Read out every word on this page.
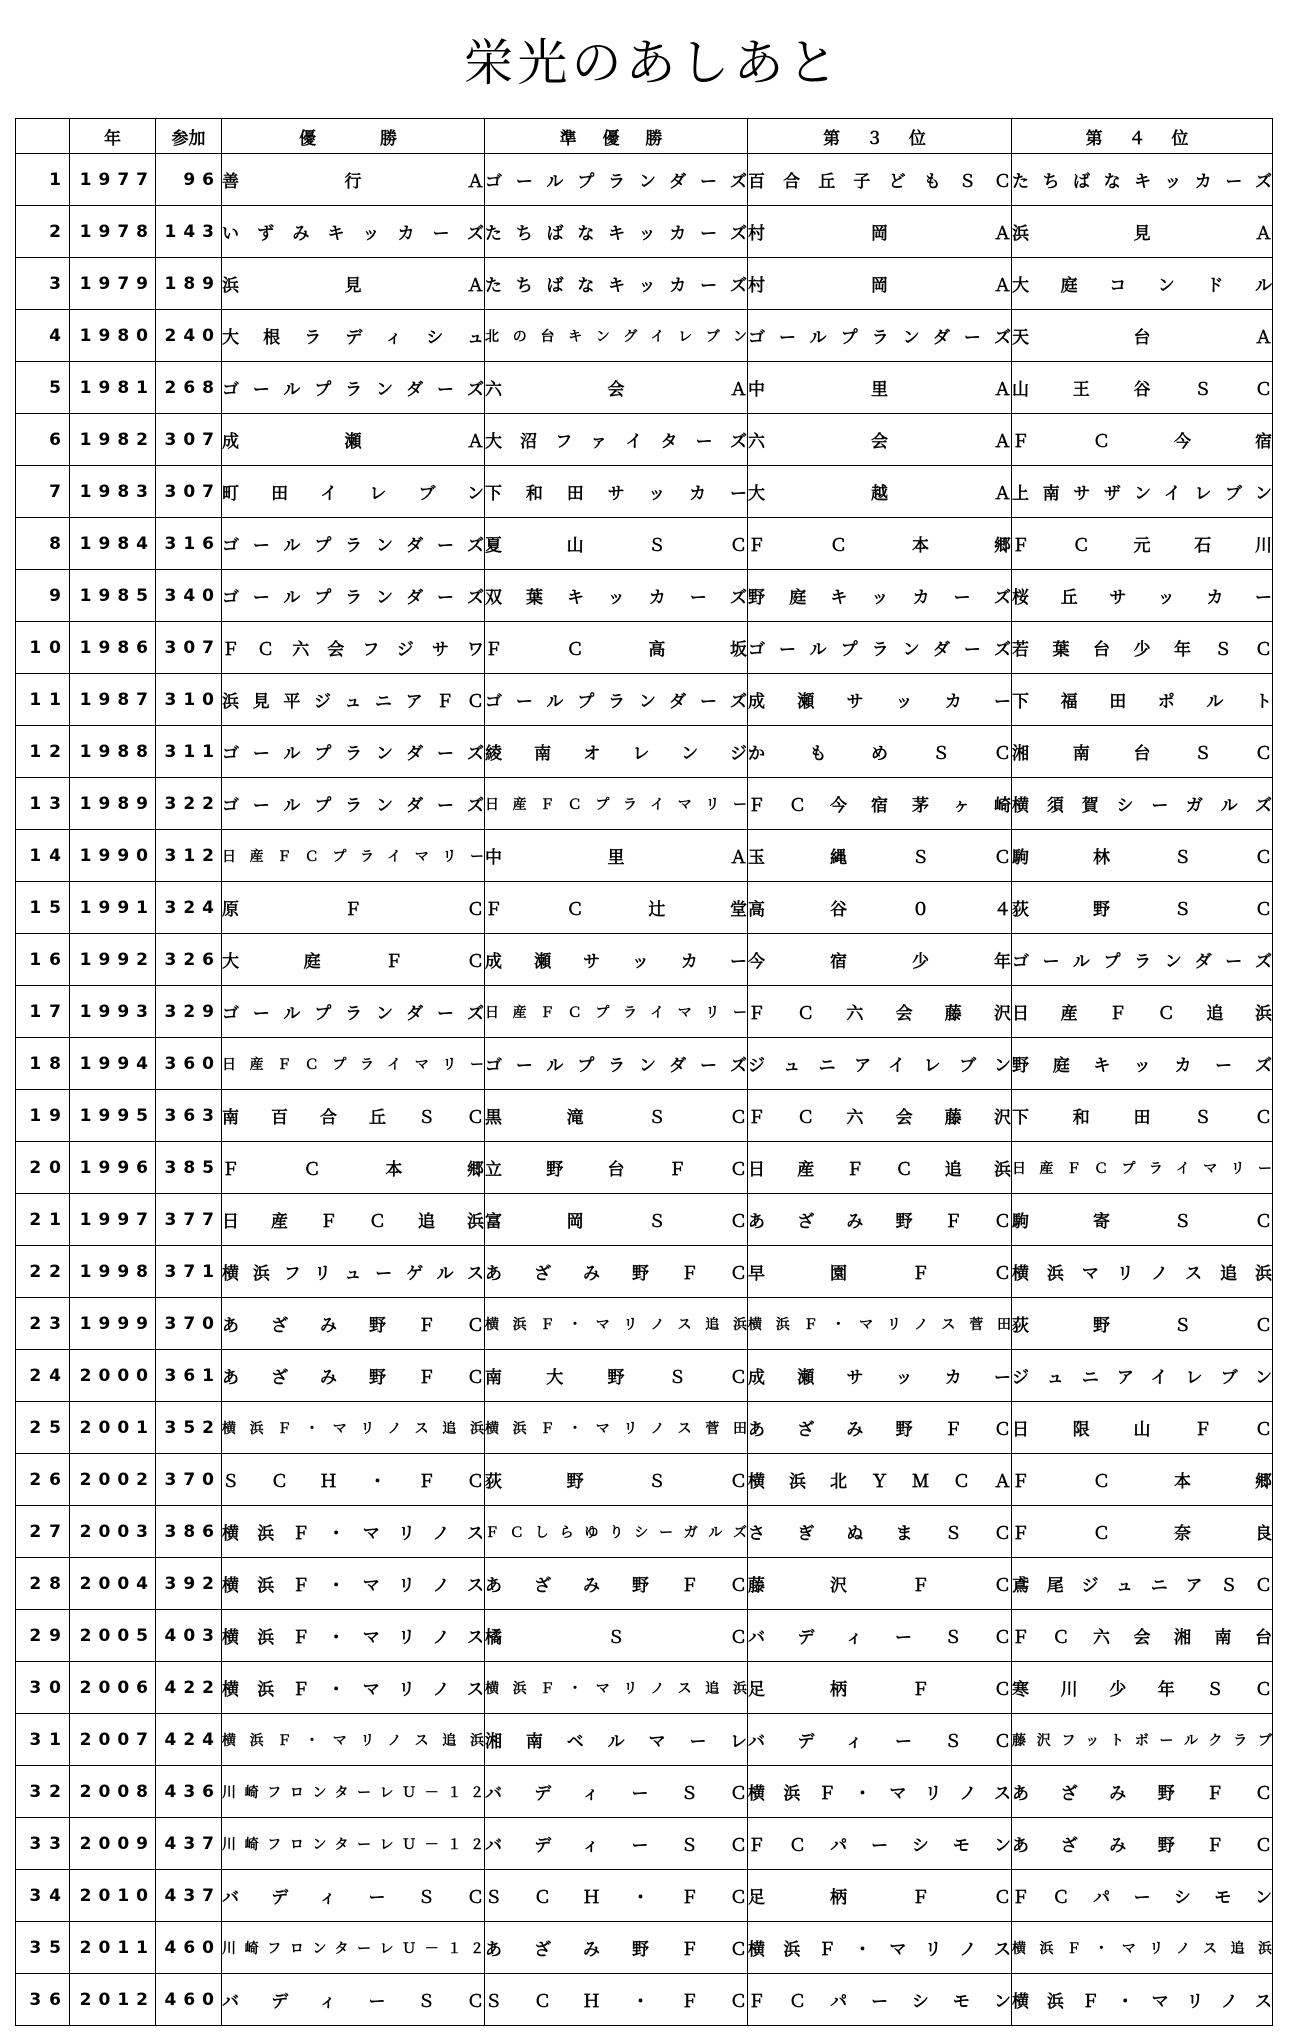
栄光のあしあと
	年	参加	優　　勝	準 優 勝	第 ３ 位	第 ４ 位
1	1977	96	善行Ａ	ゴールプランダーズ	百合丘子どもＳＣ	たちばなキッカーズ
2	1978	143	いずみキッカーズ	たちばなキッカーズ	村岡Ａ	浜見Ａ
3	1979	189	浜見Ａ	たちばなキッカーズ	村岡Ａ	大庭コンドル
4	1980	240	大根ラディシュ	北の台キングイレブン	ゴールプランダーズ	天台Ａ
5	1981	268	ゴールプランダーズ	六会Ａ	中里Ａ	山王谷ＳＣ
6	1982	307	成瀬Ａ	大沼ファイターズ	六会Ａ	ＦＣ今宿
7	1983	307	町田イレブン	下和田サッカー	大越Ａ	上南サザンイレブン
8	1984	316	ゴールプランダーズ	夏山ＳＣ	ＦＣ本郷	ＦＣ元石川
9	1985	340	ゴールプランダーズ	双葉キッカーズ	野庭キッカーズ	桜丘サッカー
10	1986	307	ＦＣ六会フジサワ	ＦＣ高坂	ゴールプランダーズ	若葉台少年ＳＣ
11	1987	310	浜見平ジュニアＦＣ	ゴールプランダーズ	成瀬サッカー	下福田ポルト
12	1988	311	ゴールプランダーズ	綾南オレンジ	かもめＳＣ	湘南台ＳＣ
13	1989	322	ゴールプランダーズ	日産ＦＣプライマリー	ＦＣ今宿茅ヶ崎	横須賀シーガルズ
14	1990	312	日産ＦＣプライマリー	中里Ａ	玉縄ＳＣ	駒林ＳＣ
15	1991	324	原ＦＣ	ＦＣ辻堂	高谷０４	荻野ＳＣ
16	1992	326	大庭ＦＣ	成瀬サッカー	今宿少年	ゴールプランダーズ
17	1993	329	ゴールプランダーズ	日産ＦＣプライマリー	ＦＣ六会藤沢	日産ＦＣ追浜
18	1994	360	日産ＦＣプライマリー	ゴールプランダーズ	ジュニアイレブン	野庭キッカーズ
19	1995	363	南百合丘ＳＣ	黒滝ＳＣ	ＦＣ六会藤沢	下和田ＳＣ
20	1996	385	ＦＣ本郷	立野台ＦＣ	日産ＦＣ追浜	日産ＦＣプライマリー
21	1997	377	日産ＦＣ追浜	富岡ＳＣ	あざみ野ＦＣ	駒寄ＳＣ
22	1998	371	横浜フリューゲルス	あざみ野ＦＣ	早園ＦＣ	横浜マリノス追浜
23	1999	370	あざみ野ＦＣ	横浜Ｆ・マリノス追浜	横浜Ｆ・マリノス菅田	荻野ＳＣ
24	2000	361	あざみ野ＦＣ	南大野ＳＣ	成瀬サッカー	ジュニアイレブン
25	2001	352	横浜Ｆ・マリノス追浜	横浜Ｆ・マリノス菅田	あざみ野ＦＣ	日限山ＦＣ
26	2002	370	ＳＣＨ・ＦＣ	荻野ＳＣ	横浜北ＹＭＣＡ	ＦＣ本郷
27	2003	386	横浜Ｆ・マリノス	ＦＣしらゆりシーガルズ	さぎぬまＳＣ	ＦＣ奈良
28	2004	392	横浜Ｆ・マリノス	あざみ野ＦＣ	藤沢ＦＣ	鳶尾ジュニアＳＣ
29	2005	403	横浜Ｆ・マリノス	橘ＳＣ	バディーＳＣ	ＦＣ六会湘南台
30	2006	422	横浜Ｆ・マリノス	横浜Ｆ・マリノス追浜	足柄ＦＣ	寒川少年ＳＣ
31	2007	424	横浜Ｆ・マリノス追浜	湘南ベルマーレ	バディーＳＣ	藤沢フットボールクラブ
32	2008	436	川崎フロンターレＵ－１２	バディーＳＣ	横浜Ｆ・マリノス	あざみ野ＦＣ
33	2009	437	川崎フロンターレＵ－１２	バディーＳＣ	ＦＣパーシモン	あざみ野ＦＣ
34	2010	437	バディーＳＣ	ＳＣＨ・ＦＣ	足柄ＦＣ	ＦＣパーシモン
35	2011	460	川崎フロンターレＵ－１２	あざみ野ＦＣ	横浜Ｆ・マリノス	横浜Ｆ・マリノス追浜
36	2012	460	バディーＳＣ	ＳＣＨ・ＦＣ	ＦＣパーシモン	横浜Ｆ・マリノス
